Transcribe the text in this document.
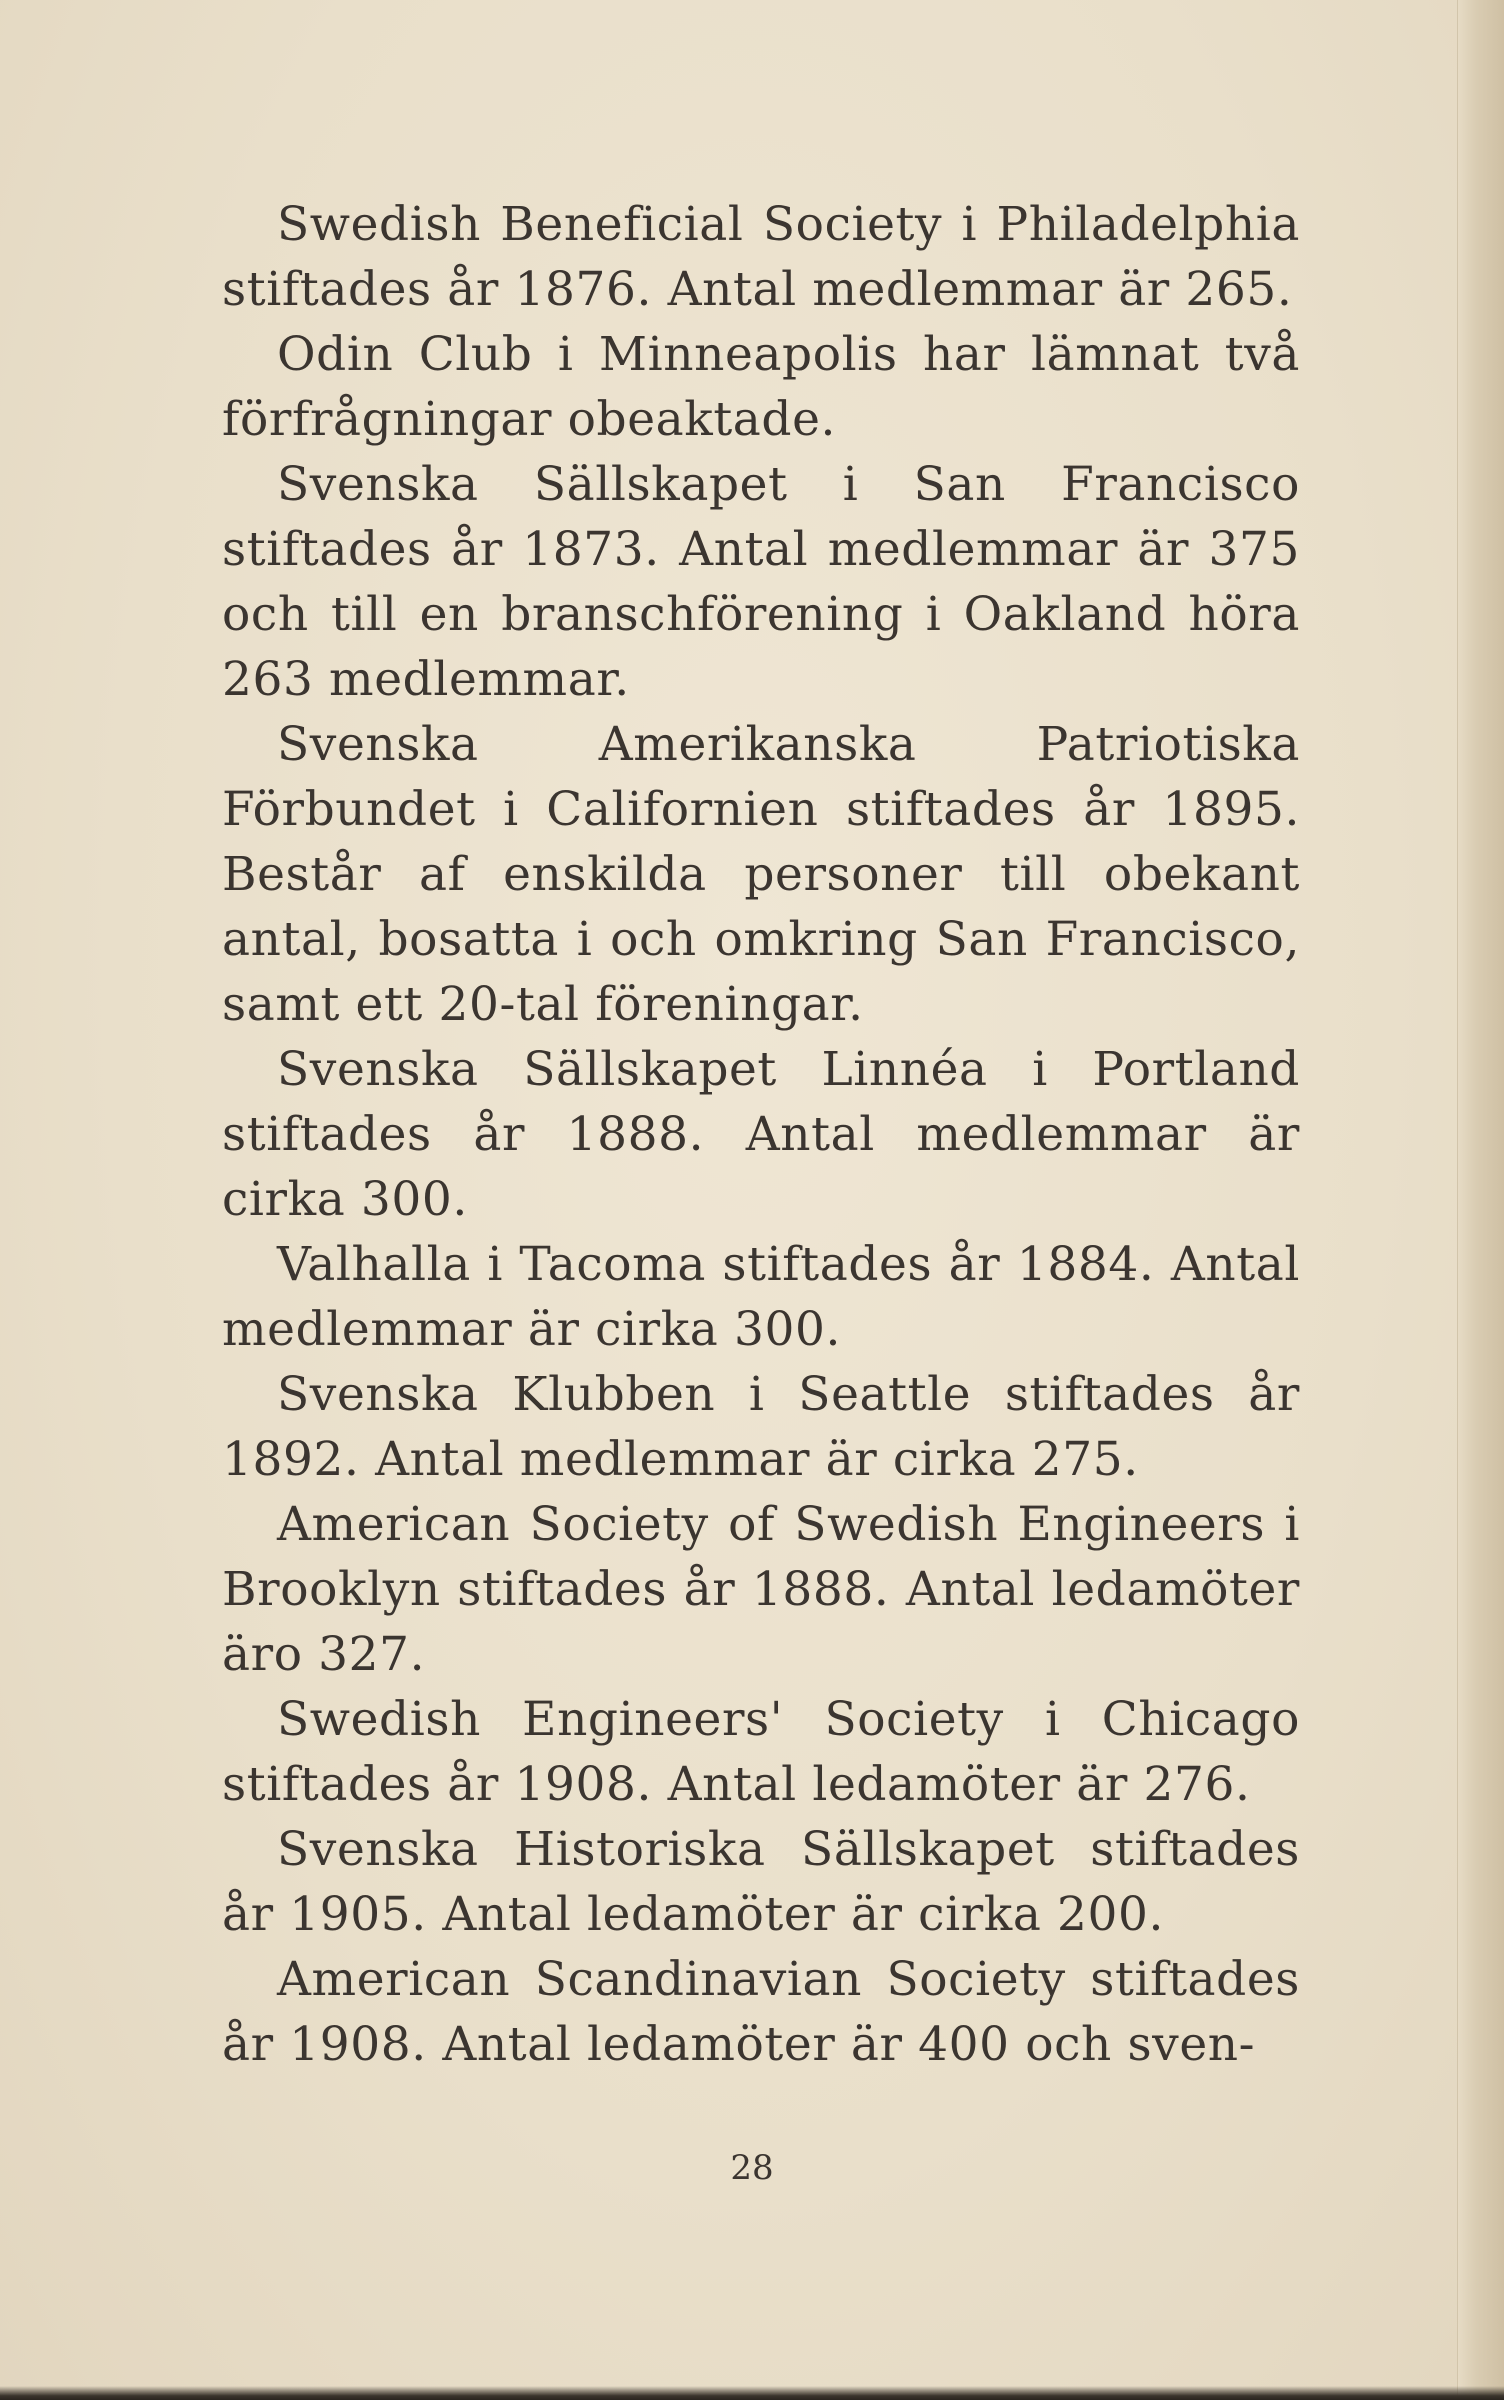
Swedish Beneficial Society i Philadelphia stiftades år 1876. Antal medlemmar är 265.

Odin Club i Minneapolis har lämnat två förfrågningar obeaktade.

Svenska Sällskapet i San Francisco stiftades år 1873. Antal medlemmar är 375 och till en branschförening i Oakland höra 263 medlemmar.

Svenska Amerikanska Patriotiska Förbundet i Californien stiftades år 1895. Består af enskilda personer till obekant antal, bosatta i och omkring San Francisco, samt ett 20-tal föreningar.

Svenska Sällskapet Linnéa i Portland stiftades år 1888. Antal medlemmar är cirka 300.

Valhalla i Tacoma stiftades år 1884. Antal medlemmar är cirka 300.

Svenska Klubben i Seattle stiftades år 1892. Antal medlemmar är cirka 275.

American Society of Swedish Engineers i Brooklyn stiftades år 1888. Antal ledamöter äro 327.

Swedish Engineers' Society i Chicago stiftades år 1908. Antal ledamöter är 276.

Svenska Historiska Sällskapet stiftades år 1905. Antal ledamöter är cirka 200.

American Scandinavian Society stiftades år 1908. Antal ledamöter är 400 och sven-

28
